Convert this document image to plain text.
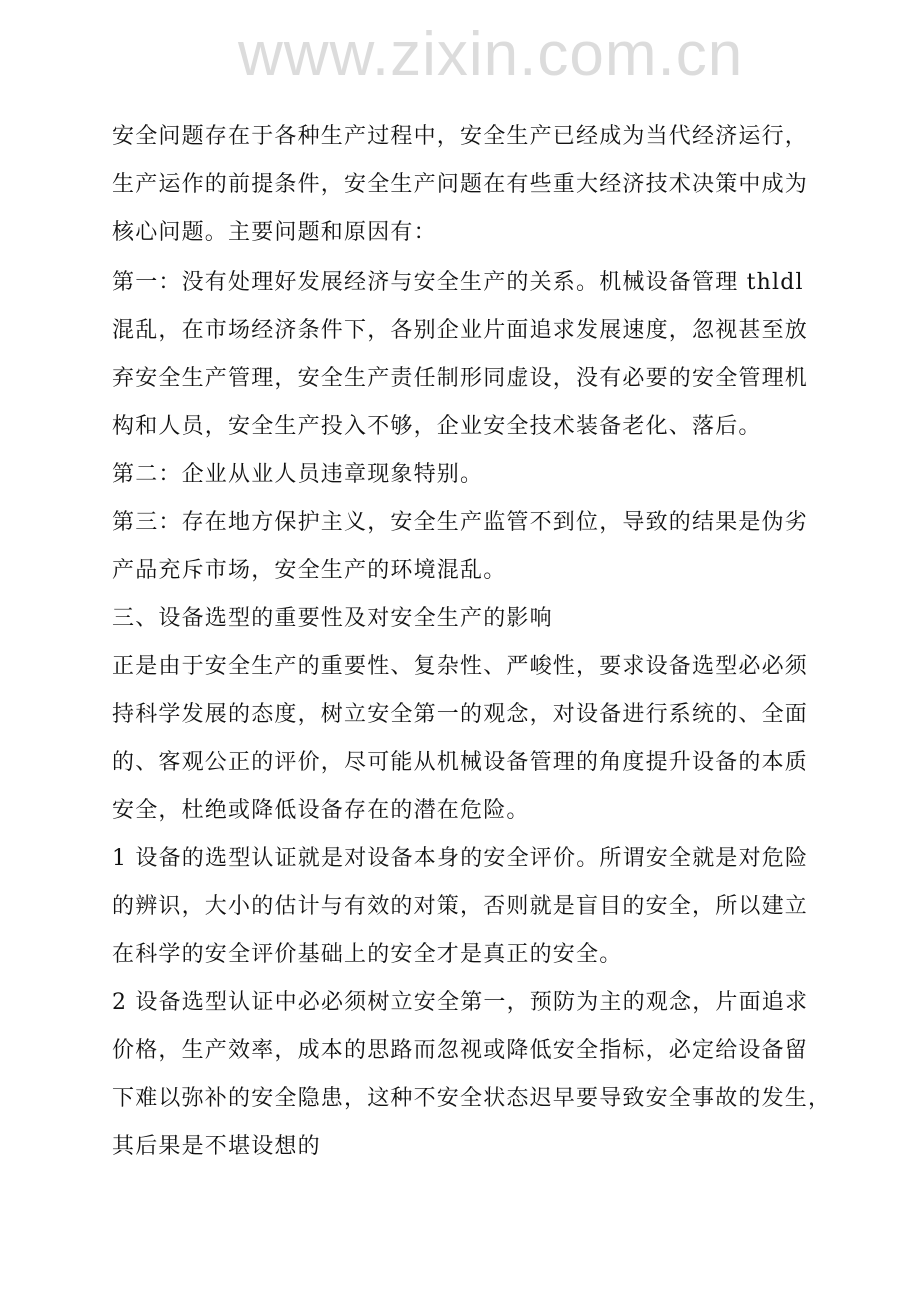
www.zixin.com.cn
安全问题存在于各种生产过程中，安全生产已经成为当代经济运行，
生产运作的前提条件，安全生产问题在有些重大经济技术决策中成为
核心问题。主要问题和原因有：
第一：没有处理好发展经济与安全生产的关系。机械设备管理 thldl
混乱，在市场经济条件下，各别企业片面追求发展速度，忽视甚至放
弃安全生产管理，安全生产责任制形同虚设，没有必要的安全管理机
构和人员，安全生产投入不够，企业安全技术装备老化、落后。
第二：企业从业人员违章现象特别。
第三：存在地方保护主义，安全生产监管不到位，导致的结果是伪劣
产品充斥市场，安全生产的环境混乱。
三、设备选型的重要性及对安全生产的影响
正是由于安全生产的重要性、复杂性、严峻性，要求设备选型必必须
持科学发展的态度，树立安全第一的观念，对设备进行系统的、全面
的、客观公正的评价，尽可能从机械设备管理的角度提升设备的本质
安全，杜绝或降低设备存在的潜在危险。
1 设备的选型认证就是对设备本身的安全评价。所谓安全就是对危险
的辨识，大小的估计与有效的对策，否则就是盲目的安全，所以建立
在科学的安全评价基础上的安全才是真正的安全。
2 设备选型认证中必必须树立安全第一，预防为主的观念，片面追求
价格，生产效率，成本的思路而忽视或降低安全指标，必定给设备留
下难以弥补的安全隐患，这种不安全状态迟早要导致安全事故的发生，
其后果是不堪设想的
